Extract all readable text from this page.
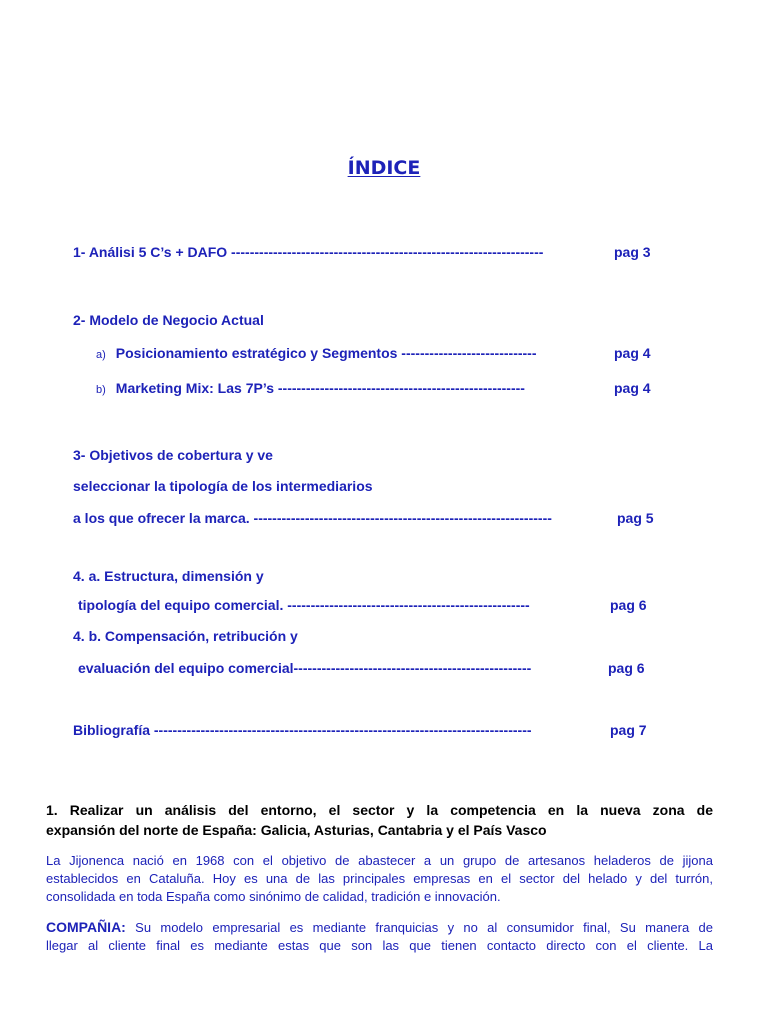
ÍNDICE
1- Análisi 5 C’s + DAFO -------------------------------------------------------------------	pag 3
2- Modelo de Negocio Actual
a) Posicionamiento estratégico y Segmentos -----------------------------	pag 4
b) Marketing Mix: Las 7P’s -----------------------------------------------------	pag 4
3- Objetivos de cobertura y ve ntas en la zona,
seleccionar la tipología de los intermediarios
a los que ofrecer la marca. ----------------------------------------------------------------	pag 5
4. a. Estructura, dimensión y
tipología del equipo comercial. ----------------------------------------------------	pag 6
4. b. Compensación, retribución y
evaluación del equipo comercial---------------------------------------------------	pag 6
Bibliografía ---------------------------------------------------------------------------------	pag 7
1. Realizar un análisis del entorno, el sector y la competencia en la nueva zona de
expansión del norte de España: Galicia, Asturias, Cantabria y el País Vasco
La Jijonenca nació en 1968 con el objetivo de abastecer a un grupo de artesanos heladeros de jijona
establecidos en Cataluña. Hoy es una de las principales empresas en el sector del helado y del turrón,
consolidada en toda España como sinónimo de calidad, tradición e innovación.
COMPAÑIA: Su modelo empresarial es mediante franquicias y no al consumidor final, Su manera de
llegar al cliente final es mediante estas que son las que tienen contacto directo con el cliente. La
